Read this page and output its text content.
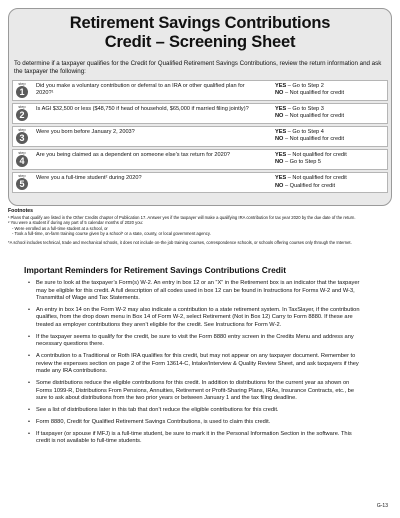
Retirement Savings Contributions
Credit – Screening Sheet
To determine if a taxpayer qualifies for the Credit for Qualified Retirement Savings Contributions, review the return information and ask the taxpayer the following:
step
1
Did you make a voluntary contribution or deferral to an IRA or other qualified plan for 2020?¹
YES – Go to Step 2
NO – Not qualified for credit
step
2
Is AGI $32,500 or less ($48,750 if head of household, $65,000 if married filing jointly)?	YES – Go to Step 3
NO – Not qualified for credit
step
3
Were you born before January 2, 2003?	YES – Go to Step 4
NO – Not qualified for credit
step
4
Are you being claimed as a dependent on someone else’s tax return for 2020?	YES – Not qualified for credit
NO – Go to Step 5
step
5
Were you a full-time student² during 2020?	YES – Not qualified for credit
NO – Qualified for credit
Footnotes
¹ Plans that qualify are listed in the Other Credits chapter of Publication 17. Answer yes if the taxpayer will make a qualifying IRA contribution for tax year 2020 by the due date of the return.
² You were a student if during any part of 5 calendar months of 2020 you:
- Were enrolled as a full-time student at a school, or
- Took a full-time, on-farm training course given by a school* or a state, county, or local government agency.
*A school includes technical, trade and mechanical schools, it does not include on-the job training courses, correspondence schools, or schools offering courses only through the Internet.
Important Reminders for Retirement Savings Contributions Credit
• Be sure to look at the taxpayer’s Form(s) W-2. An entry in box 12 or an “X” in the Retirement box is an indicator that the taxpayer may be eligible for this credit. A full description of all codes used in box 12 can be found in Instructions for Forms W-2 and W-3, Transmittal of Wage and Tax Statements.
• An entry in box 14 on the Form W-2 may also indicate a contribution to a state retirement system. In TaxSlayer, if the contribution qualifies, from the drop down menu in Box 14 of Form W-2, select Retirement (Not in Box 12) Carry to Form 8880. If these are treated as employer contributions they aren’t eligible for the credit. See Instructions for Form W-2.
• If the taxpayer seems to qualify for the credit, be sure to visit the Form 8880 entry screen in the Credits Menu and address any necessary questions there.
• A contribution to a Traditional or Roth IRA qualifies for this credit, but may not appear on any taxpayer document. Remember to review the expenses section on page 2 of the Form 13614-C, Intake/Interview & Quality Review Sheet, and ask taxpayers if they made any IRA contributions.
• Some distributions reduce the eligible contributions for this credit. In addition to distributions for the current year as shown on Forms 1099-R, Distributions From Pensions, Annuities, Retirement or Profit-Sharing Plans, IRAs, Insurance Contracts, etc., be sure to ask about distributions from the two prior years or between January 1 and the tax filing deadline.
• See a list of distributions later in this tab that don’t reduce the eligible contributions for this credit.
• Form 8880, Credit for Qualified Retirement Savings Contributions, is used to claim this credit.
• If taxpayer (or spouse if MFJ) is a full-time student, be sure to mark it in the Personal Information Section in the software. This credit is not available to full-time students.
G-13
